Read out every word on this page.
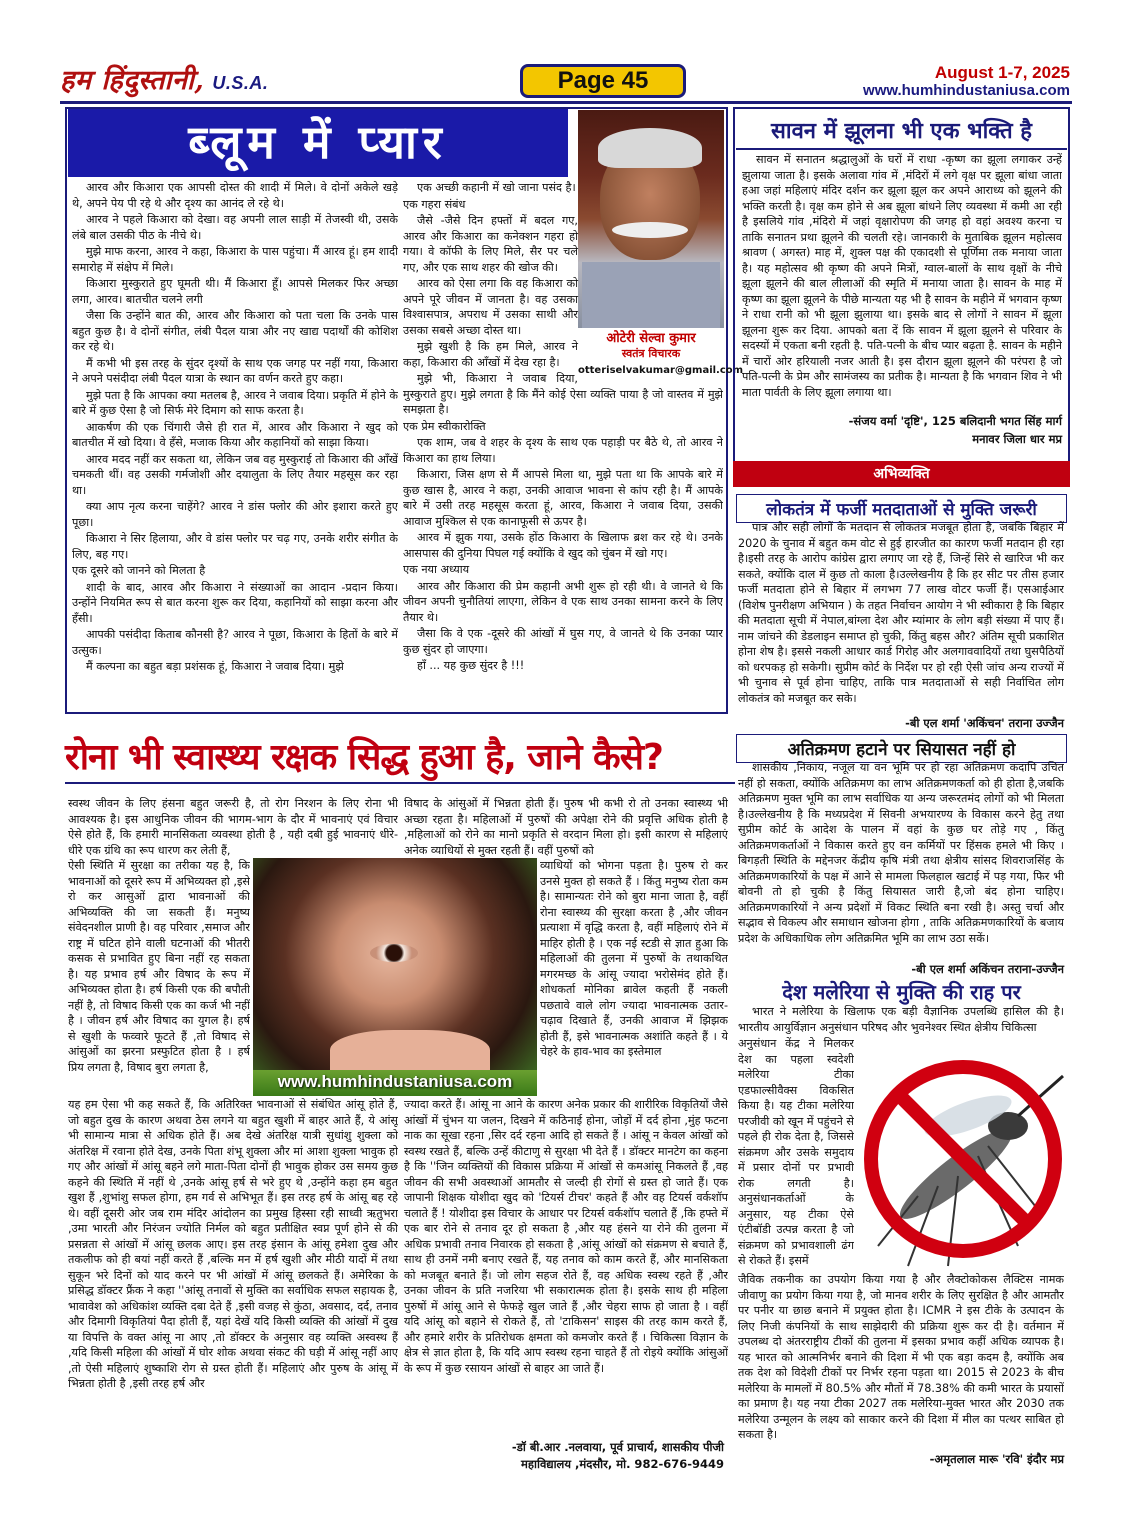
हम हिंदुस्तानी, U.S.A.	Page 45	August 1-7, 2025
www.humhindustaniusa.com
ब्लूम में प्यार
ओटेरी सेल्वा कुमार
स्वतंत्र विचारक
otteriselvakumar@gmail.com

आरव और किआरा एक आपसी दोस्त की शादी में मिले। वे दोनों अकेले खड़े थे, अपने पेय पी रहे थे और दृश्य का आनंद ले रहे थे।

आरव ने पहले किआरा को देखा। वह अपनी लाल साड़ी में तेजस्वी थी, उसके लंबे बाल उसकी पीठ के नीचे थे।

मुझे माफ करना, आरव ने कहा, किआरा के पास पहुंचा। मैं आरव हूं। हम शादी समारोह में संक्षेप में मिले।

किआरा मुस्कुराते हुए घूमती थी। मैं किआरा हूँ। आपसे मिलकर फिर अच्छा लगा, आरव। बातचीत चलने लगी

जैसा कि उन्होंने बात की, आरव और किआरा को पता चला कि उनके पास बहुत कुछ है। वे दोनों संगीत, लंबी पैदल यात्रा और नए खाद्य पदार्थों की कोशिश कर रहे थे।

मैं कभी भी इस तरह के सुंदर दृश्यों के साथ एक जगह पर नहीं गया, किआरा ने अपने पसंदीदा लंबी पैदल यात्रा के स्थान का वर्णन करते हुए कहा।

मुझे पता है कि आपका क्या मतलब है, आरव ने जवाब दिया। प्रकृति में होने के बारे में कुछ ऐसा है जो सिर्फ मेरे दिमाग को साफ करता है।

आकर्षण की एक चिंगारी जैसे ही रात में, आरव और किआरा ने खुद को बातचीत में खो दिया। वे हँसे, मजाक किया और कहानियों को साझा किया।

आरव मदद नहीं कर सकता था, लेकिन जब वह मुस्कुराई तो किआरा की आँखें चमकती थीं। वह उसकी गर्मजोशी और दयालुता के लिए तैयार महसूस कर रहा था।

क्या आप नृत्य करना चाहेंगे? आरव ने डांस फ्लोर की ओर इशारा करते हुए पूछा।

किआरा ने सिर हिलाया, और वे डांस फ्लोर पर चढ़ गए, उनके शरीर संगीत के लिए, बह गए।

एक दूसरे को जानने को मिलता है

शादी के बाद, आरव और किआरा ने संख्याओं का आदान -प्रदान किया। उन्होंने नियमित रूप से बात करना शुरू कर दिया, कहानियों को साझा करना और हँसी।

आपकी पसंदीदा किताब कौनसी है? आरव ने पूछा, किआरा के हितों के बारे में उत्सुक।

मैं कल्पना का बहुत बड़ा प्रशंसक हूं, किआरा ने जवाब दिया। मुझे

एक अच्छी कहानी में खो जाना पसंद है।

एक गहरा संबंध

जैसे -जैसे दिन हफ्तों में बदल गए, आरव और किआरा का कनेक्शन गहरा हो गया। वे कॉफी के लिए मिले, सैर पर चले गए, और एक साथ शहर की खोज की।

आरव को ऐसा लगा कि वह किआरा को अपने पूरे जीवन में जानता है। वह उसका विश्वासपात्र, अपराध में उसका साथी और उसका सबसे अच्छा दोस्त था।

मुझे खुशी है कि हम मिले, आरव ने कहा, किआरा की आँखों में देख रहा है।

मुझे भी, किआरा ने जवाब दिया, मुस्कुराते हुए। मुझे लगता है कि मैंने कोई ऐसा व्यक्ति पाया है जो वास्तव में मुझे समझता है।

एक प्रेम स्वीकारोक्ति

एक शाम, जब वे शहर के दृश्य के साथ एक पहाड़ी पर बैठे थे, तो आरव ने किआरा का हाथ लिया।

किआरा, जिस क्षण से मैं आपसे मिला था, मुझे पता था कि आपके बारे में कुछ खास है, आरव ने कहा, उनकी आवाज भावना से कांप रही है। मैं आपके बारे में उसी तरह महसूस करता हूं, आरव, किआरा ने जवाब दिया, उसकी आवाज मुश्किल से एक कानाफूसी से ऊपर है।

आरव में झुक गया, उसके होंठ किआरा के खिलाफ ब्रश कर रहे थे। उनके आसपास की दुनिया पिघल गई क्योंकि वे खुद को चुंबन में खो गए।

एक नया अध्याय

आरव और किआरा की प्रेम कहानी अभी शुरू हो रही थी। वे जानते थे कि जीवन अपनी चुनौतियां लाएगा, लेकिन वे एक साथ उनका सामना करने के लिए तैयार थे।

जैसा कि वे एक -दूसरे की आंखों में घुस गए, वे जानते थे कि उनका प्यार कुछ सुंदर हो जाएगा।

हाँ ... यह कुछ सुंदर है !!!

रोना भी स्वास्थ्य रक्षक सिद्ध हुआ है, जाने कैसे?

स्वस्थ जीवन के लिए हंसना बहुत जरूरी है, तो रोग निरशन के लिए रोना भी आवश्यक है। इस आधुनिक जीवन की भागम-भाग के दौर में भावनाएं एवं विचार ऐसे होते हैं, कि हमारी मानसिकता व्यवस्था होती है , यही दबी हुई भावनाएं धीरे-धीरे एक ग्रंथि का रूप धारण कर लेती हैं,

ऐसी स्थिति में सुरक्षा का तरीका यह है, कि भावनाओं को दूसरे रूप में अभिव्यक्त हो ,इसे रो कर आसुओं द्वारा भावनाओं की अभिव्यक्ति की जा सकती हैं। मनुष्य संवेदनशील प्राणी है। वह परिवार ,समाज और राष्ट्र में घटित होने वाली घटनाओं की भीतरी कसक से प्रभावित हुए बिना नहीं रह सकता है। यह प्रभाव हर्ष और विषाद के रूप में अभिव्यक्त होता है। हर्ष किसी एक की बपौती नहीं है, तो विषाद किसी एक का कर्ज भी नहीं है । जीवन हर्ष और विषाद का युगल है। हर्ष से खुशी के फव्वारे फूटते हैं ,तो विषाद से आंसुओं का झरना प्रस्फुटित होता है । हर्ष प्रिय लगता है, विषाद बुरा लगता है,

यह हम ऐसा भी कह सकते हैं, कि अतिरिक्त भावनाओं से संबंधित आंसू होते हैं, जो बहुत दुख के कारण अथवा ठेस लगने या बहुत खुशी में बाहर आते हैं, ये आंसू भी सामान्य मात्रा से अधिक होते हैं। अब देखे अंतरिक्ष यात्री सुधांशु शुक्ला को अंतरिक्ष में रवाना होते देख, उनके पिता शंभू शुक्ला और मां आशा शुक्ला भावुक हो गए और आंखों में आंसू बहने लगे माता-पिता दोनों ही भावुक होकर उस समय कुछ कहने की स्थिति में नहीं थे ,उनके आंसू हर्ष से भरे हुए थे ,उन्होंने कहा हम बहुत खुश हैं ,शुभांशु सफल होगा, हम गर्व से अभिभूत हैं। इस तरह हर्ष के आंसू बह रहे थे। वहीं दूसरी ओर जब राम मंदिर आंदोलन का प्रमुख हिस्सा रही साध्वी ऋतुभरा ,उमा भारती और निरंजन ज्योति निर्मल को बहुत प्रतीक्षित स्वप्न पूर्ण होने से की प्रसन्नता से आंखों में आंसू छलक आए। इस तरह इंसान के आंसू हमेशा दुख और तकलीफ को ही बयां नहीं करते हैं ,बल्कि मन में हर्ष खुशी और मीठी यादों में तथा सुकून भरे दिनों को याद करने पर भी आंखों में आंसू छलकते हैं। अमेरिका के प्रसिद्ध डॉक्टर फ्रैंक ने कहा ''आंसू तनावों से मुक्ति का सर्वाधिक सफल सहायक है, भावावेश को अधिकांश व्यक्ति दबा देते हैं ,इसी वजह से कुंठा, अवसाद, दर्द, तनाव और दिमागी विकृतियां पैदा होती हैं, यहां देखें यदि किसी व्यक्ति की आंखों में दुख या विपत्ति के वक्त आंसू ना आए ,तो डॉक्टर के अनुसार वह व्यक्ति अस्वस्थ हैं ,यदि किसी महिला की आंखों में घोर शोक अथवा संकट की घड़ी में आंसू नहीं आए ,तो ऐसी महिलाएं शुष्काशि रोग से ग्रस्त होती हैं। महिलाएं और पुरुष के आंसू में भिन्नता होती है ,इसी तरह हर्ष और

विषाद के आंसुओं में भिन्नता होती हैं। पुरुष भी कभी रो तो उनका स्वास्थ्य भी अच्छा रहता है। महिलाओं में पुरुषों की अपेक्षा रोने की प्रवृत्ति अधिक होती है ,महिलाओं को रोने का मानो प्रकृति से वरदान मिला हो। इसी कारण से महिलाएं अनेक व्याधियों से मुक्त रहती हैं। वहीं पुरुषों को

व्याधियों को भोगना पड़ता है। पुरुष रो कर उनसे मुक्त हो सकते हैं । किंतु मनुष्य रोता कम है। सामान्यतः रोने को बुरा माना जाता है, वहीं रोना स्वास्थ्य की सुरक्षा करता है ,और जीवन प्रत्याशा में वृद्धि करता है, वहीं महिलाएं रोने में माहिर होती है । एक नई स्टडी से ज्ञात हुआ कि महिलाओं की तुलना में पुरुषों के तथाकथित मगरमच्छ के आंसू ज्यादा भरोसेमंद होते हैं। शोधकर्ता मोनिका ब्रावेल कहती हैं नकली पछतावे वाले लोग ज्यादा भावनात्मक उतार-चढ़ाव दिखाते हैं, उनकी आवाज में झिझक होती हैं, इसे भावनात्मक अशांति कहते हैं । ये चेहरे के हाव-भाव का इस्तेमाल

ज्यादा करते हैं। आंसू ना आने के कारण अनेक प्रकार की शारीरिक विकृतियों जैसे आंखों में चुंभन या जलन, दिखने में कठिनाई होना, जोड़ों में दर्द होना ,मुंह फटना नाक का सूखा रहना ,सिर दर्द रहना आदि हो सकते हैं । आंसू न केवल आंखों को स्वस्थ रखते हैं, बल्कि उन्हें कीटाणु से सुरक्षा भी देते हैं । डॉक्टर मानटेग का कहना है कि ''जिन व्यक्तियों की विकास प्रक्रिया में आंखों से कमआंसू निकलते हैं ,वह जीवन की सभी अवस्थाओं आमतौर से जल्दी ही रोगों से ग्रस्त हो जाते हैं। एक जापानी शिक्षक योशीदा खुद को 'टियर्स टीचर' कहते हैं और वह टियर्स वर्कशॉप चलाते हैं ! योशीदा इस विचार के आधार पर टियर्स वर्कशॉप चलाते हैं ,कि हफ्ते में एक बार रोने से तनाव दूर हो सकता है ,और यह हंसने या रोने की तुलना में अधिक प्रभावी तनाव निवारक हो सकता है ,आंसू आंखों को संक्रमण से बचाते हैं, साथ ही उनमें नमी बनाए रखते हैं, यह तनाव को काम करते हैं, और मानसिकता को मजबूत बनाते हैं। जो लोग सहज रोते हैं, वह अधिक स्वस्थ रहते हैं ,और उनका जीवन के प्रति नजरिया भी सकारात्मक होता है। इसके साथ ही महिला पुरुषों में आंसू आने से फेफड़े खुल जाते हैं ,और चेहरा साफ हो जाता है । वहीं यदि आंसू को बहाने से रोकते हैं, तो 'टाकिसन' साइस की तरह काम करते हैं, और हमारे शरीर के प्रतिरोधक क्षमता को कमजोर करते हैं । चिकित्सा विज्ञान के क्षेत्र से ज्ञात होता है, कि यदि आप स्वस्थ रहना चाहते हैं तो रोइये क्योंकि आंसुओं के रूप में कुछ रसायन आंखों से बाहर आ जाते हैं।

-डॉ बी.आर .नलवाया, पूर्व प्राचार्य, शासकीय पीजी
महाविद्यालय ,मंदसौर, मो. 982-676-9449
www.humhindustaniusa.com
सावन में झूलना भी एक भक्ति है

सावन में सनातन श्रद्धालुओं के घरों में राधा -कृष्ण का झूला लगाकर उन्हें झुलाया जाता है। इसके अलावा गांव में ,मंदिरों में लगे वृक्ष पर झूला बांधा जाता हआ जहां महिलाएं मंदिर दर्शन कर झूला झूल कर अपने आराध्य को झूलने की भक्ति करती है। वृक्ष कम होने से अब झूला बांधने लिए व्यवस्था में कमी आ रही है इसलिये गांव ,मंदिरो में जहां वृक्षारोपण की जगह हो वहां अवश्य करना च ताकि सनातन प्रथा झूलने की चलती रहे। जानकारी के मुताबिक झूलन महोत्सव श्रावण ( अगस्त) माह में, शुक्ल पक्ष की एकादशी से पूर्णिमा तक मनाया जाता है। यह महोत्सव श्री कृष्ण की अपने मित्रों, ग्वाल-बालों के साथ वृक्षों के नीचे झूला झूलने की बाल लीलाओं की स्मृति में मनाया जाता है। सावन के माह में कृष्ण का झूला झूलने के पीछे मान्यता यह भी है सावन के महीने में भगवान कृष्ण ने राधा रानी को भी झूला झुलाया था। इसके बाद से लोगों ने सावन में झूला झूलना शुरू कर दिया. आपको बता दें कि सावन में झूला झूलने से परिवार के सदस्यों में एकता बनी रहती है. पति-पत्नी के बीच प्यार बढ़ता है. सावन के महीने में चारों ओर हरियाली नजर आती है। इस दौरान झूला झूलने की परंपरा है जो पति-पत्नी के प्रेम और सामंजस्य का प्रतीक है। मान्यता है कि भगवान शिव ने भी माता पार्वती के लिए झूला लगाया था।

-संजय वर्मा 'दृष्टि', 125 बलिदानी भगत सिंह मार्ग
मनावर जिला धार मप्र
अभिव्यक्ति
लोकतंत्र में फर्जी मतदाताओं से मुक्ति जरूरी

पात्र और सही लोगों के मतदान से लोकतंत्र मजबूत होता है, जबकि बिहार में 2020 के चुनाव में बहुत कम वोट से हुई हारजीत का कारण फर्जी मतदान ही रहा है।इसी तरह के आरोप कांग्रेस द्वारा लगाए जा रहे हैं, जिन्हें सिरे से खारिज भी कर सकते, क्योंकि दाल में कुछ तो काला है।उल्लेखनीय है कि हर सीट पर तीस हजार फर्जी मतदाता होने से बिहार में लगभग 77 लाख वोटर फर्जी हैं। एसआईआर (विशेष पुनरीक्षण अभियान ) के तहत निर्वाचन आयोग ने भी स्वीकारा है कि बिहार की मतदाता सूची में नेपाल,बांग्ला देश और म्यांमार के लोग बड़ी संख्या में पाए हैं। नाम जांचने की डेडलाइन समाप्त हो चुकी, किंतु बहस और? अंतिम सूची प्रकाशित होना शेष है। इससे नकली आधार कार्ड गिरोह और अलगाववादियों तथा घुसपैठियों को धरपकड़ हो सकेगी। सुप्रीम कोर्ट के निर्देश पर हो रही ऐसी जांच अन्य राज्यों में भी चुनाव से पूर्व होना चाहिए, ताकि पात्र मतदाताओं से सही निर्वाचित लोग लोकतंत्र को मजबूत कर सके।

-बी एल शर्मा 'अकिंचन' तराना उज्जैन
अतिक्रमण हटाने पर सियासत नहीं हो

शासकीय ,निकाय, नजूल या वन भूमि पर हो रहा अतिक्रमण कदापि उचित नहीं हो सकता, क्योंकि अतिक्रमण का लाभ अतिक्रमणकर्ता को ही होता है,जबकि अतिक्रमण मुक्त भूमि का लाभ सर्वाधिक या अन्य जरूरतमंद लोगों को भी मिलता है।उल्लेखनीय है कि मध्यप्रदेश में सिवनी अभयारण्य के विकास करने हेतु तथा सुप्रीम कोर्ट के आदेश के पालन में वहां के कुछ घर तोड़े गए , किंतु अतिक्रमणकर्ताओं ने विकास करते हुए वन कर्मियों पर हिंसक हमले भी किए । बिगड़ती स्थिति के मद्देनजर केंद्रीय कृषि मंत्री तथा क्षेत्रीय सांसद शिवराजसिंह के अतिक्रमणकारियों के पक्ष में आने से मामला फिलहाल खटाई में पड़ गया, फिर भी बोवनी तो हो चुकी है किंतु सियासत जारी है,जो बंद होना चाहिए। अतिक्रमणकारियों ने अन्य प्रदेशों में विकट स्थिति बना रखी है। अस्तु चर्चा और सद्भाव से विकल्प और समाधान खोजना होगा , ताकि अतिक्रमणकारियों के बजाय प्रदेश के अधिकाधिक लोग अतिक्रमित भूमि का लाभ उठा सकें।

-बी एल शर्मा अकिंचन तराना-उज्जैन
देश मलेरिया से मुक्ति की राह पर

भारत ने मलेरिया के खिलाफ एक बड़ी वैज्ञानिक उपलब्धि हासिल की है। भारतीय आयुर्विज्ञान अनुसंधान परिषद और भुवनेश्वर स्थित क्षेत्रीय चिकित्सा

अनुसंधान केंद्र ने मिलकर देश का पहला स्वदेशी मलेरिया टीका एडफाल्सीवैक्स विकसित किया है। यह टीका मलेरिया परजीवी को खून में पहुंचने से पहले ही रोक देता है, जिससे संक्रमण और उसके समुदाय में प्रसार दोनों पर प्रभावी रोक लगती है। अनुसंधानकर्ताओं के अनुसार, यह टीका ऐसे एंटीबॉडी उत्पन्न करता है जो संक्रमण को प्रभावशाली ढंग से रोकते हैं। इसमें

जैविक तकनीक का उपयोग किया गया है और लैक्टोकोकस लैक्टिस नामक जीवाणु का प्रयोग किया गया है, जो मानव शरीर के लिए सुरक्षित है और आमतौर पर पनीर या छाछ बनाने में प्रयुक्त होता है। ICMR ने इस टीके के उत्पादन के लिए निजी कंपनियों के साथ साझेदारी की प्रक्रिया शुरू कर दी है। वर्तमान में उपलब्ध दो अंतरराष्ट्रीय टीकों की तुलना में इसका प्रभाव कहीं अधिक व्यापक है। यह भारत को आत्मनिर्भर बनाने की दिशा में भी एक बड़ा कदम है, क्योंकि अब तक देश को विदेशी टीकों पर निर्भर रहना पड़ता था। 2015 से 2023 के बीच मलेरिया के मामलों में 80.5% और मौतों में 78.38% की कमी भारत के प्रयासों का प्रमाण है। यह नया टीका 2027 तक मलेरिया-मुक्त भारत और 2030 तक मलेरिया उन्मूलन के लक्ष्य को साकार करने की दिशा में मील का पत्थर साबित हो सकता है।

-अमृतलाल मारू 'रवि' इंदौर मप्र
